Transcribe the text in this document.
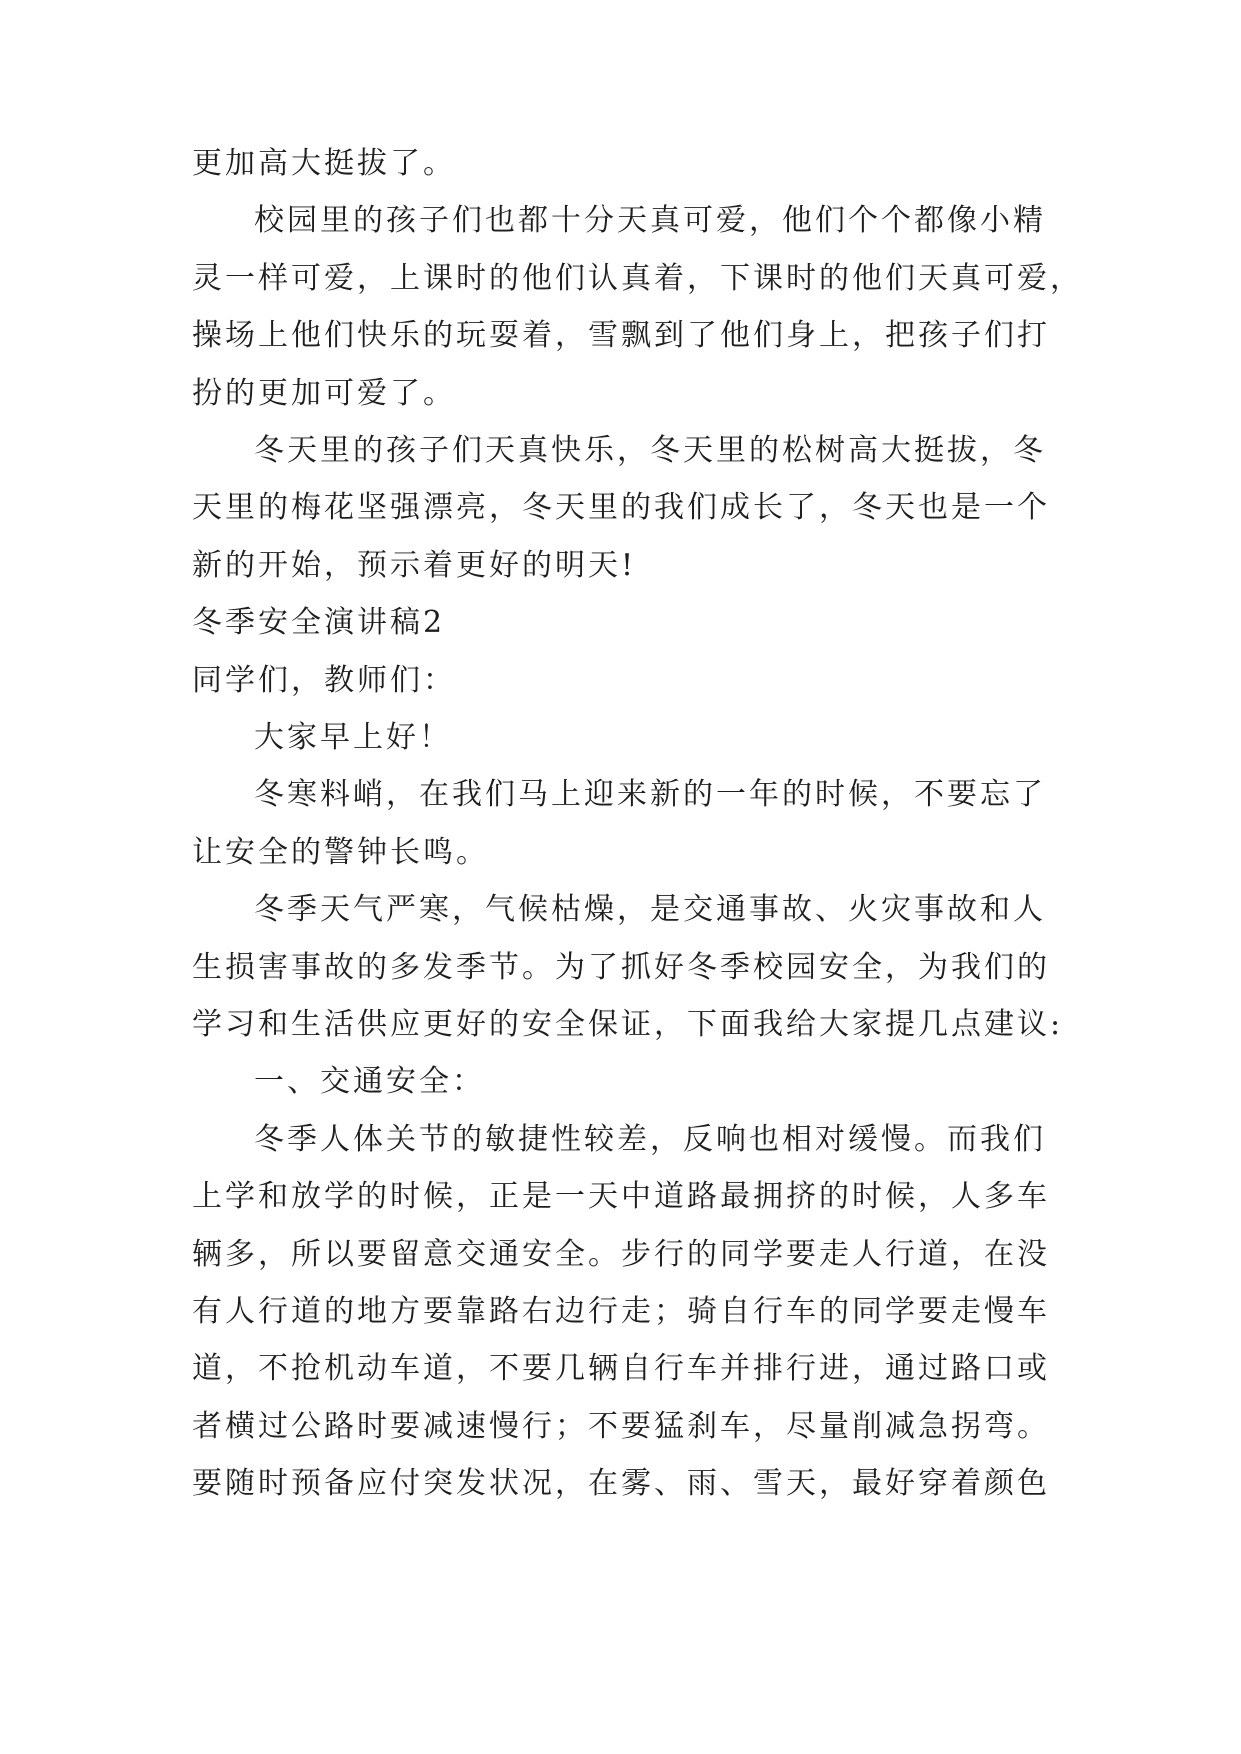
更加高大挺拔了。
校园里的孩子们也都十分天真可爱，他们个个都像小精
灵一样可爱，上课时的他们认真着，下课时的他们天真可爱，
操场上他们快乐的玩耍着，雪飘到了他们身上，把孩子们打
扮的更加可爱了。
冬天里的孩子们天真快乐，冬天里的松树高大挺拔，冬
天里的梅花坚强漂亮，冬天里的我们成长了，冬天也是一个
新的开始，预示着更好的明天!
冬季安全演讲稿2
同学们，教师们：
大家早上好！
冬寒料峭，在我们马上迎来新的一年的时候，不要忘了
让安全的警钟长鸣。
冬季天气严寒，气候枯燥，是交通事故、火灾事故和人
生损害事故的多发季节。为了抓好冬季校园安全，为我们的
学习和生活供应更好的安全保证，下面我给大家提几点建议:
一、交通安全：
冬季人体关节的敏捷性较差，反响也相对缓慢。而我们
上学和放学的时候，正是一天中道路最拥挤的时候，人多车
辆多，所以要留意交通安全。步行的同学要走人行道，在没
有人行道的地方要靠路右边行走；骑自行车的同学要走慢车
道，不抢机动车道，不要几辆自行车并排行进，通过路口或
者横过公路时要减速慢行；不要猛刹车，尽量削减急拐弯。
要随时预备应付突发状况，在雾、雨、雪天，最好穿着颜色
